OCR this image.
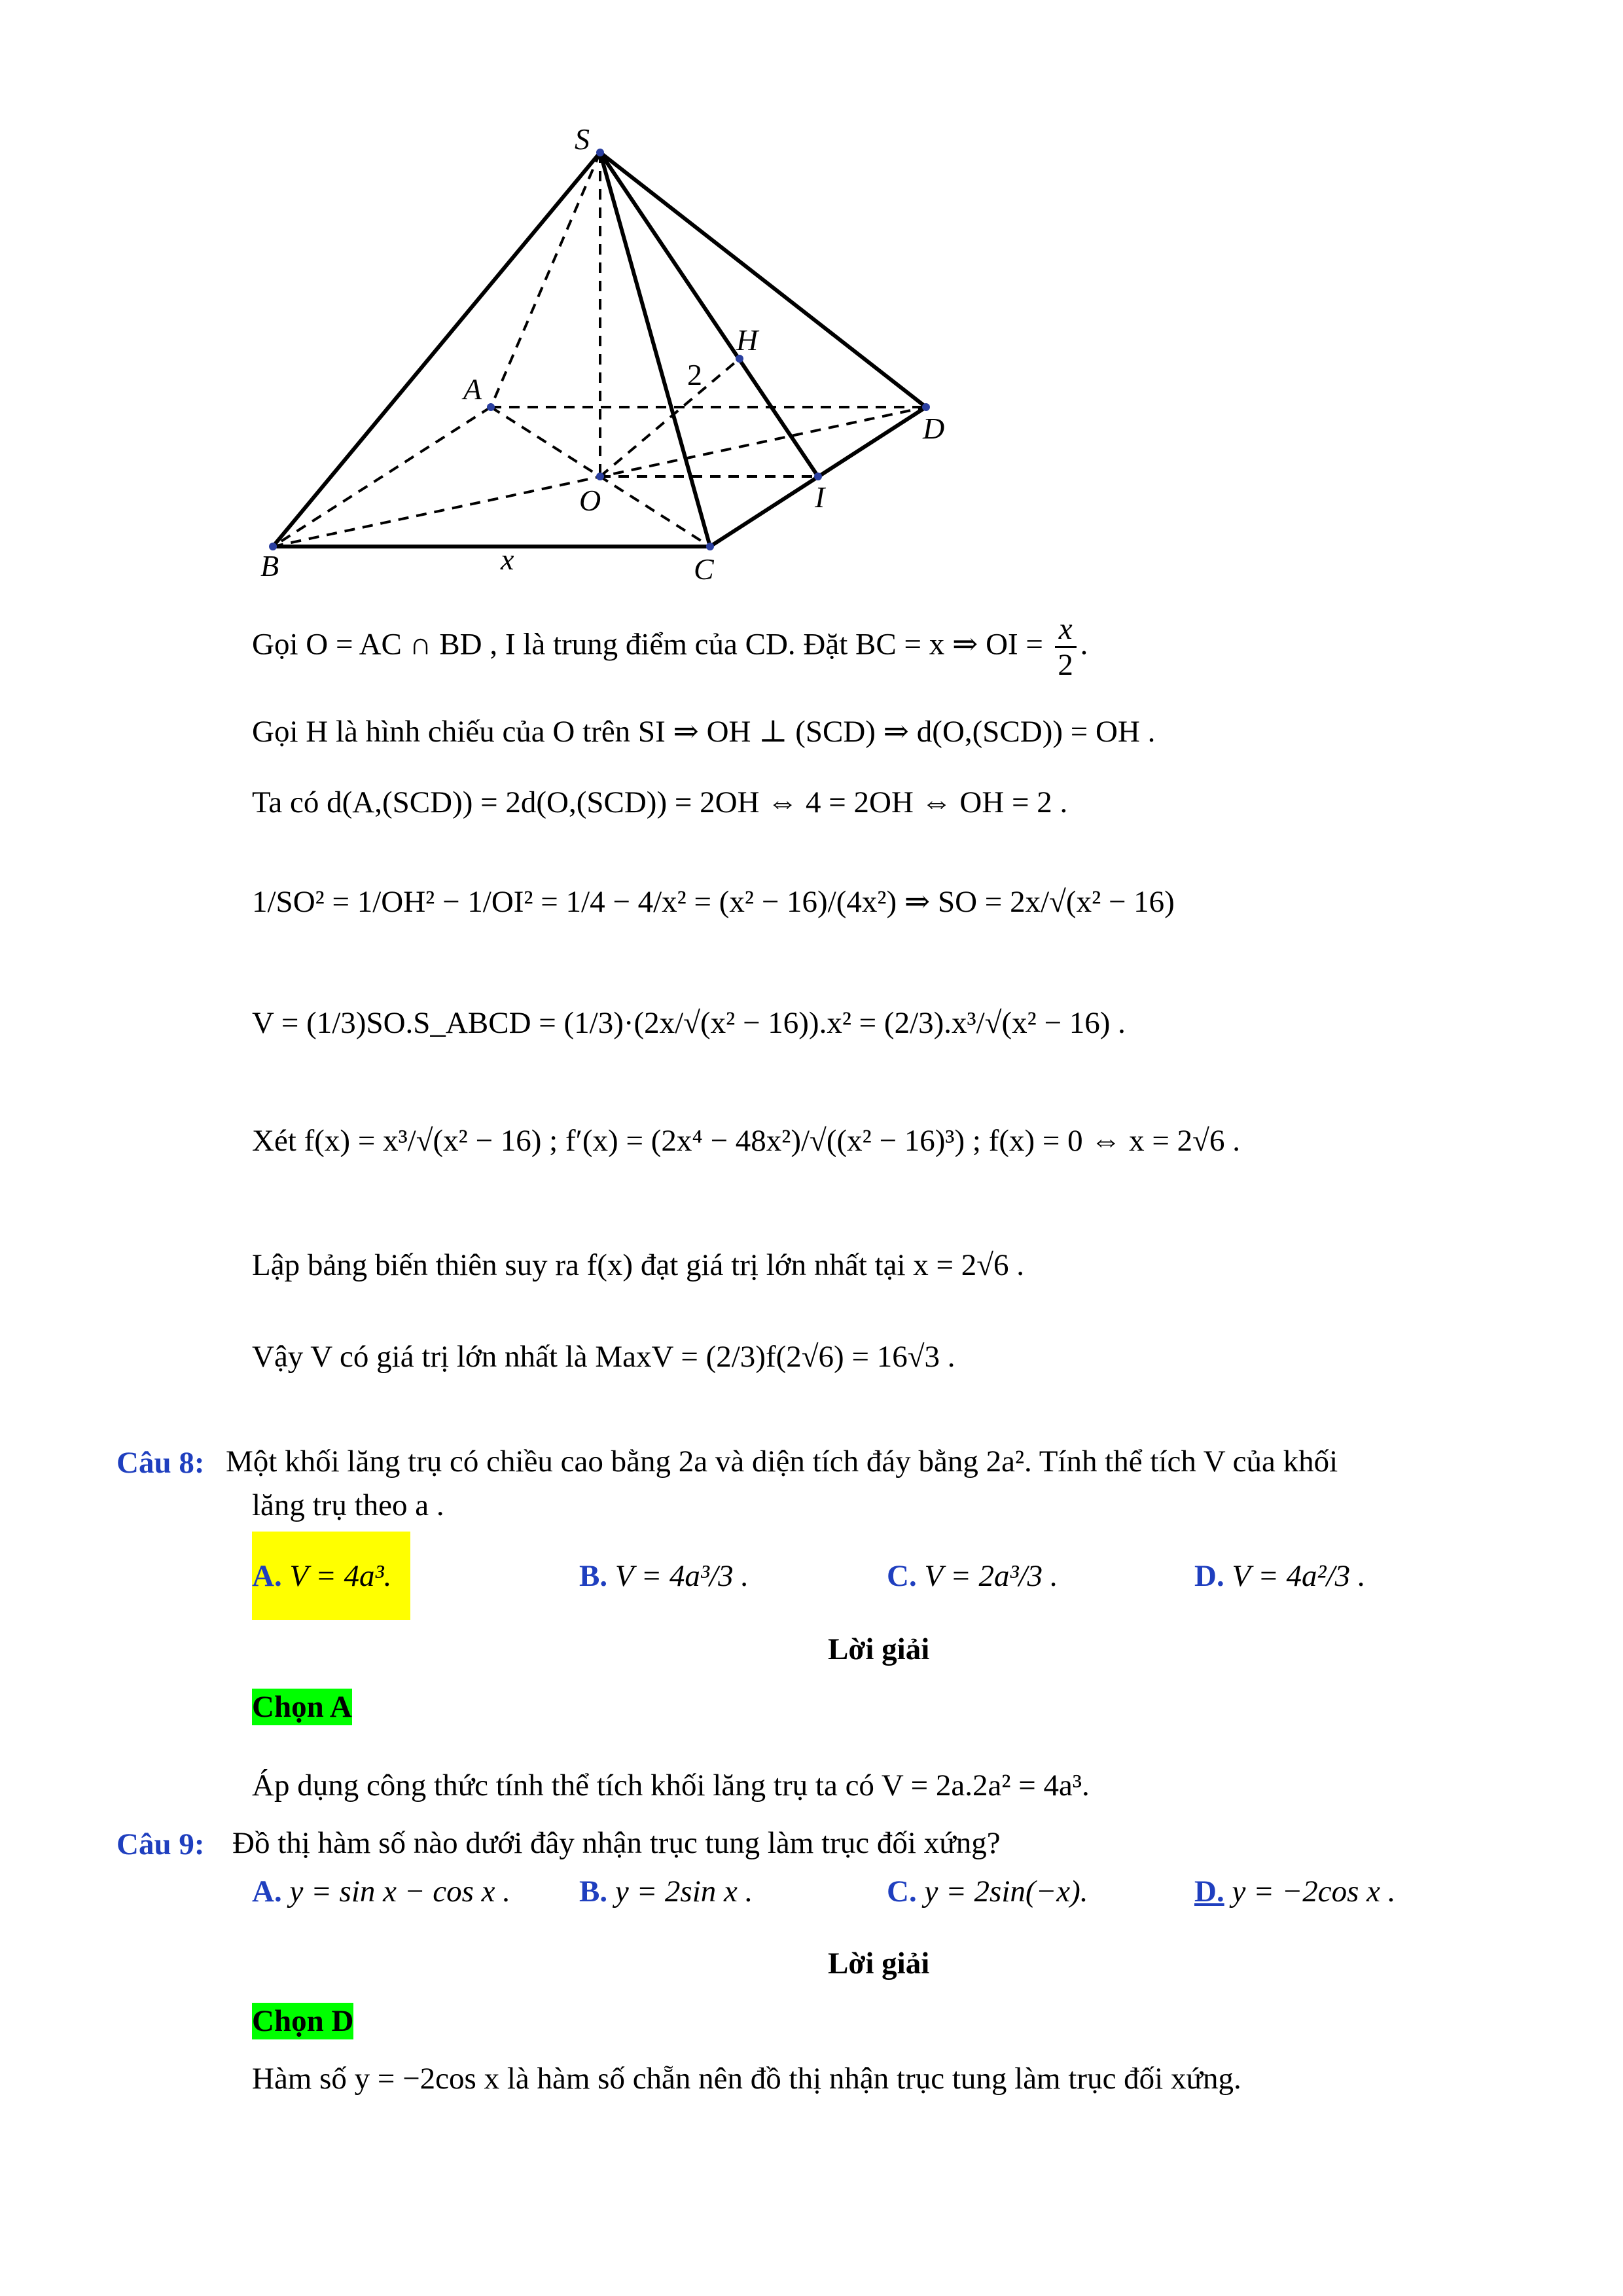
S
A
B	C
D
O
H
I
x
2
Gọi O = AC ∩ BD , I là trung điểm của CD. Đặt BC = x ⇒ OI = $\frac{x}{2}$ .
Gọi H là hình chiếu của O trên SI ⇒ OH ⊥ (SCD) ⇒ d(O,(SCD)) = OH .
Ta có d(A,(SCD)) = 2d(O,(SCD)) = 2OH ⇔ 4 = 2OH ⇔ OH = 2 .
1/SO² = 1/OH² − 1/OI² = 1/4 − 4/x² = (x² − 16)/(4x²) ⇒ SO = 2x/√(x² − 16)
V = (1/3)SO.S_ABCD = (1/3)·(2x/√(x² − 16)).x² = (2/3).x³/√(x² − 16) .
Xét f(x) = x³/√(x² − 16) ; f′(x) = (2x⁴ − 48x²)/√((x² − 16)³) ; f(x) = 0 ⇔ x = 2√6 .
Lập bảng biến thiên suy ra f(x) đạt giá trị lớn nhất tại x = 2√6 .
Vậy V có giá trị lớn nhất là MaxV = (2/3)f(2√6) = 16√3 .
Câu 8: Một khối lăng trụ có chiều cao bằng 2a và diện tích đáy bằng 2a². Tính thể tích V của khối
lăng trụ theo a .
A. V = 4a³.	B. V = 4a³/3 .	C. V = 2a³/3 .	D. V = 4a²/3 .
Lời giải
Chọn A
Áp dụng công thức tính thể tích khối lăng trụ ta có V = 2a.2a² = 4a³.
Câu 9: Đồ thị hàm số nào dưới đây nhận trục tung làm trục đối xứng?
A. y = sin x − cos x . B. y = 2sin x .	C. y = 2sin(−x).	D. y = −2cos x .
Lời giải
Chọn D
Hàm số y = −2cos x là hàm số chẵn nên đồ thị nhận trục tung làm trục đối xứng.
